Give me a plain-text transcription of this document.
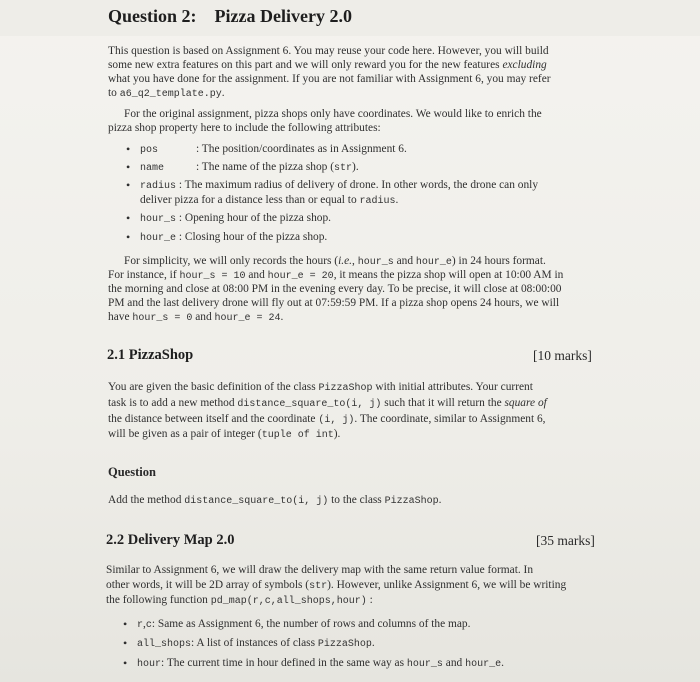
Question 2: Pizza Delivery 2.0
This question is based on Assignment 6. You may reuse your code here. However, you will build
some new extra features on this part and we will only reward you for the new features excluding
what you have done for the assignment. If you are not familiar with Assignment 6, you may refer
to a6_q2_template.py.
For the original assignment, pizza shops only have coordinates. We would like to enrich the
pizza shop property here to include the following attributes:
• pos	: The position/coordinates as in Assignment 6.
• name	: The name of the pizza shop (str).
• radius : The maximum radius of delivery of drone. In other words, the drone can only
deliver pizza for a distance less than or equal to radius.
• hour_s : Opening hour of the pizza shop.
• hour_e : Closing hour of the pizza shop.
For simplicity, we will only records the hours (i.e., hour_s and hour_e) in 24 hours format.
For instance, if hour_s = 10 and hour_e = 20, it means the pizza shop will open at 10:00 AM in
the morning and close at 08:00 PM in the evening every day. To be precise, it will close at 08:00:00
PM and the last delivery drone will fly out at 07:59:59 PM. If a pizza shop opens 24 hours, we will
have hour_s = 0 and hour_e = 24.
2.1 PizzaShop	[10 marks]
You are given the basic definition of the class PizzaShop with initial attributes. Your current
task is to add a new method distance_square_to(i, j) such that it will return the square of
the distance between itself and the coordinate (i, j). The coordinate, similar to Assignment 6,
will be given as a pair of integer (tuple of int).
Question
Add the method distance_square_to(i, j) to the class PizzaShop.
2.2 Delivery Map 2.0	[35 marks]
Similar to Assignment 6, we will draw the delivery map with the same return value format. In
other words, it will be 2D array of symbols (str). However, unlike Assignment 6, we will be writing
the following function pd_map(r,c,all_shops,hour) :
• r,c: Same as Assignment 6, the number of rows and columns of the map.
• all_shops: A list of instances of class PizzaShop.
• hour: The current time in hour defined in the same way as hour_s and hour_e.
